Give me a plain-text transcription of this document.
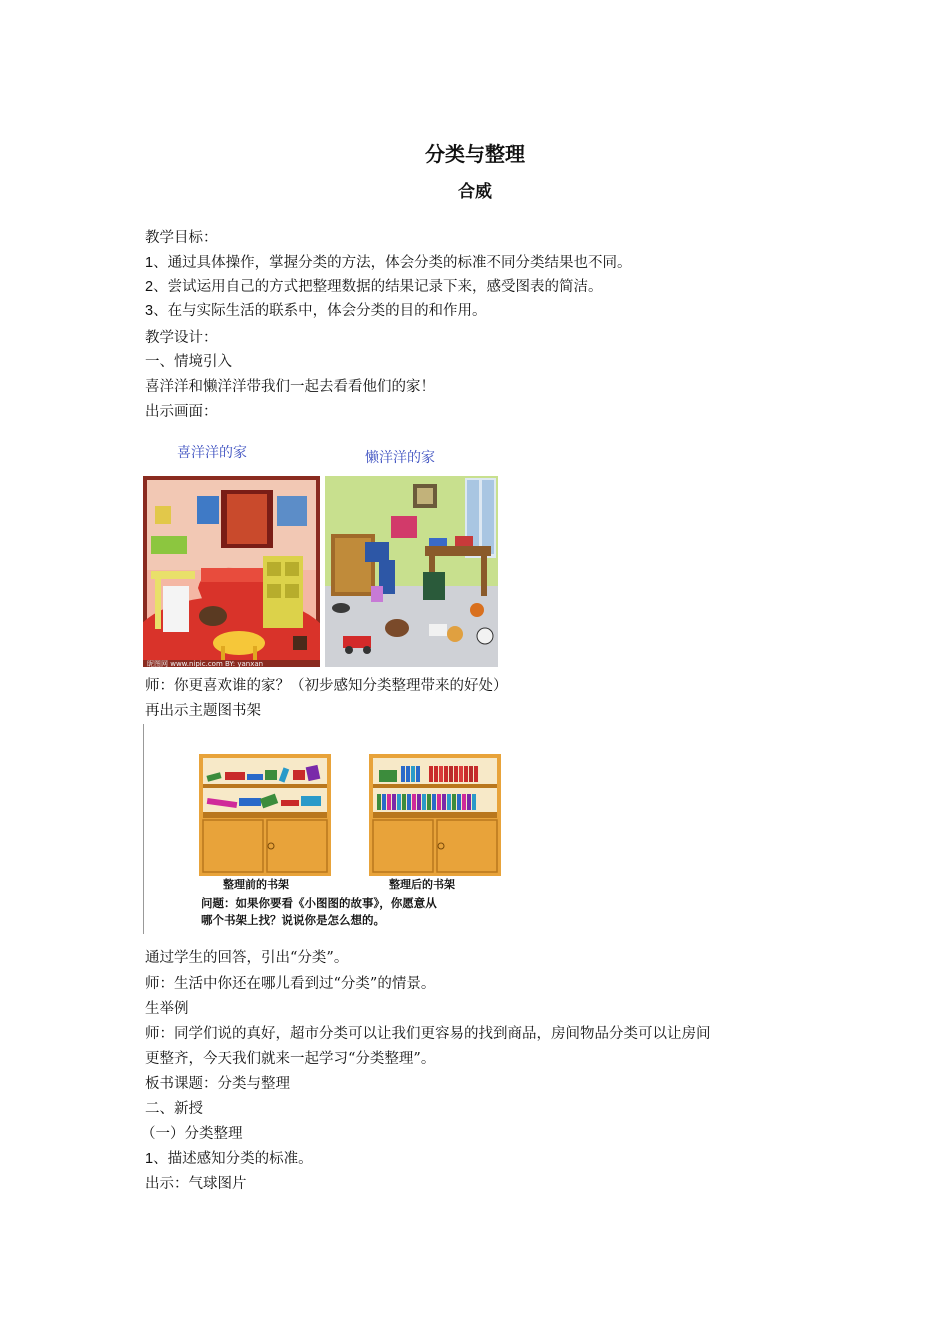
分类与整理
合威
教学目标：
1、通过具体操作，掌握分类的方法，体会分类的标准不同分类结果也不同。
2、尝试运用自己的方式把整理数据的结果记录下来，感受图表的简洁。
3、在与实际生活的联系中，体会分类的目的和作用。
教学设计：
一、情境引入
喜洋洋和懒洋洋带我们一起去看看他们的家！
出示画面：
喜洋洋的家	懒洋洋的家
昵图网 www.nipic.com BY: yanxan
师：你更喜欢谁的家？（初步感知分类整理带来的好处）
再出示主题图书架
整理前的书架	整理后的书架
问题：如果你要看《小图图的故事》，你愿意从
哪个书架上找？说说你是怎么想的。
通过学生的回答，引出“分类”。
师：生活中你还在哪儿看到过“分类”的情景。
生举例
师：同学们说的真好，超市分类可以让我们更容易的找到商品，房间物品分类可以让房间
更整齐，今天我们就来一起学习“分类整理”。
板书课题：分类与整理
二、新授
（一）分类整理
1、描述感知分类的标准。
出示：气球图片
